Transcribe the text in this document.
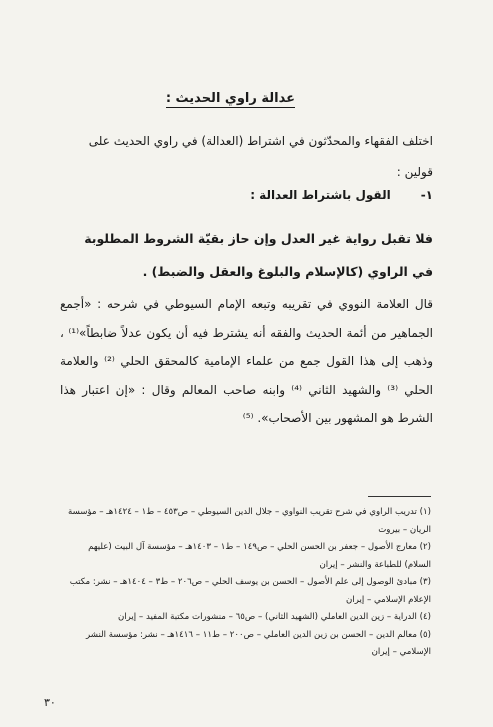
عدالة راوي الحديث :
اختلف الفقهاء والمحدّثون في اشتراط (العدالة) في راوي الحديث على قولين :
١-القول باشتراط العدالة :
فلا تقبل رواية غير العدل وإن حاز بقيّة الشروط المطلوبة في الراوي (كالإسلام والبلوغ والعقل والضبط) .
قال العلامة النووي في تقريبه وتبعه الإمام السيوطي في شرحه : «أجمع الجماهير من أئمة الحديث والفقه أنه يشترط فيه أن يكون عدلاً ضابطاً»⁽¹⁾ ، وذهب إلى هذا القول جمع من علماء الإمامية كالمحقق الحلي ⁽²⁾ والعلامة الحلي ⁽³⁾ والشهيد الثاني ⁽⁴⁾ وابنه صاحب المعالم وقال : «إن اعتبار هذا الشرط هو المشهور بين الأصحاب». ⁽⁵⁾

(١) تدريب الراوي في شرح تقريب النواوي – جلال الدين السيوطي – ص٤٥٣ – ط١ – ١٤٢٤هـ – مؤسسة الريان – بيروت

(٢) معارج الأصول – جعفر بن الحسن الحلي – ص١٤٩ – ط١ – ١٤٠٣هـ – مؤسسة آل البيت (عليهم السلام) للطباعة والنشر – إيران

(٣) مبادئ الوصول إلى علم الأصول – الحسن بن يوسف الحلي – ص٢٠٦ – ط٣ – ١٤٠٤هـ – نشر: مكتب الإعلام الإسلامي – إيران

(٤) الدراية – زين الدين العاملي (الشهيد الثاني) – ص٦٥ – منشورات مكتبة المفيد – إيران

(٥) معالم الدين – الحسن بن زين الدين العاملي – ص٢٠٠ – ط١١ – ١٤١٦هـ – نشر: مؤسسة النشر الإسلامي – إيران

٣٠
